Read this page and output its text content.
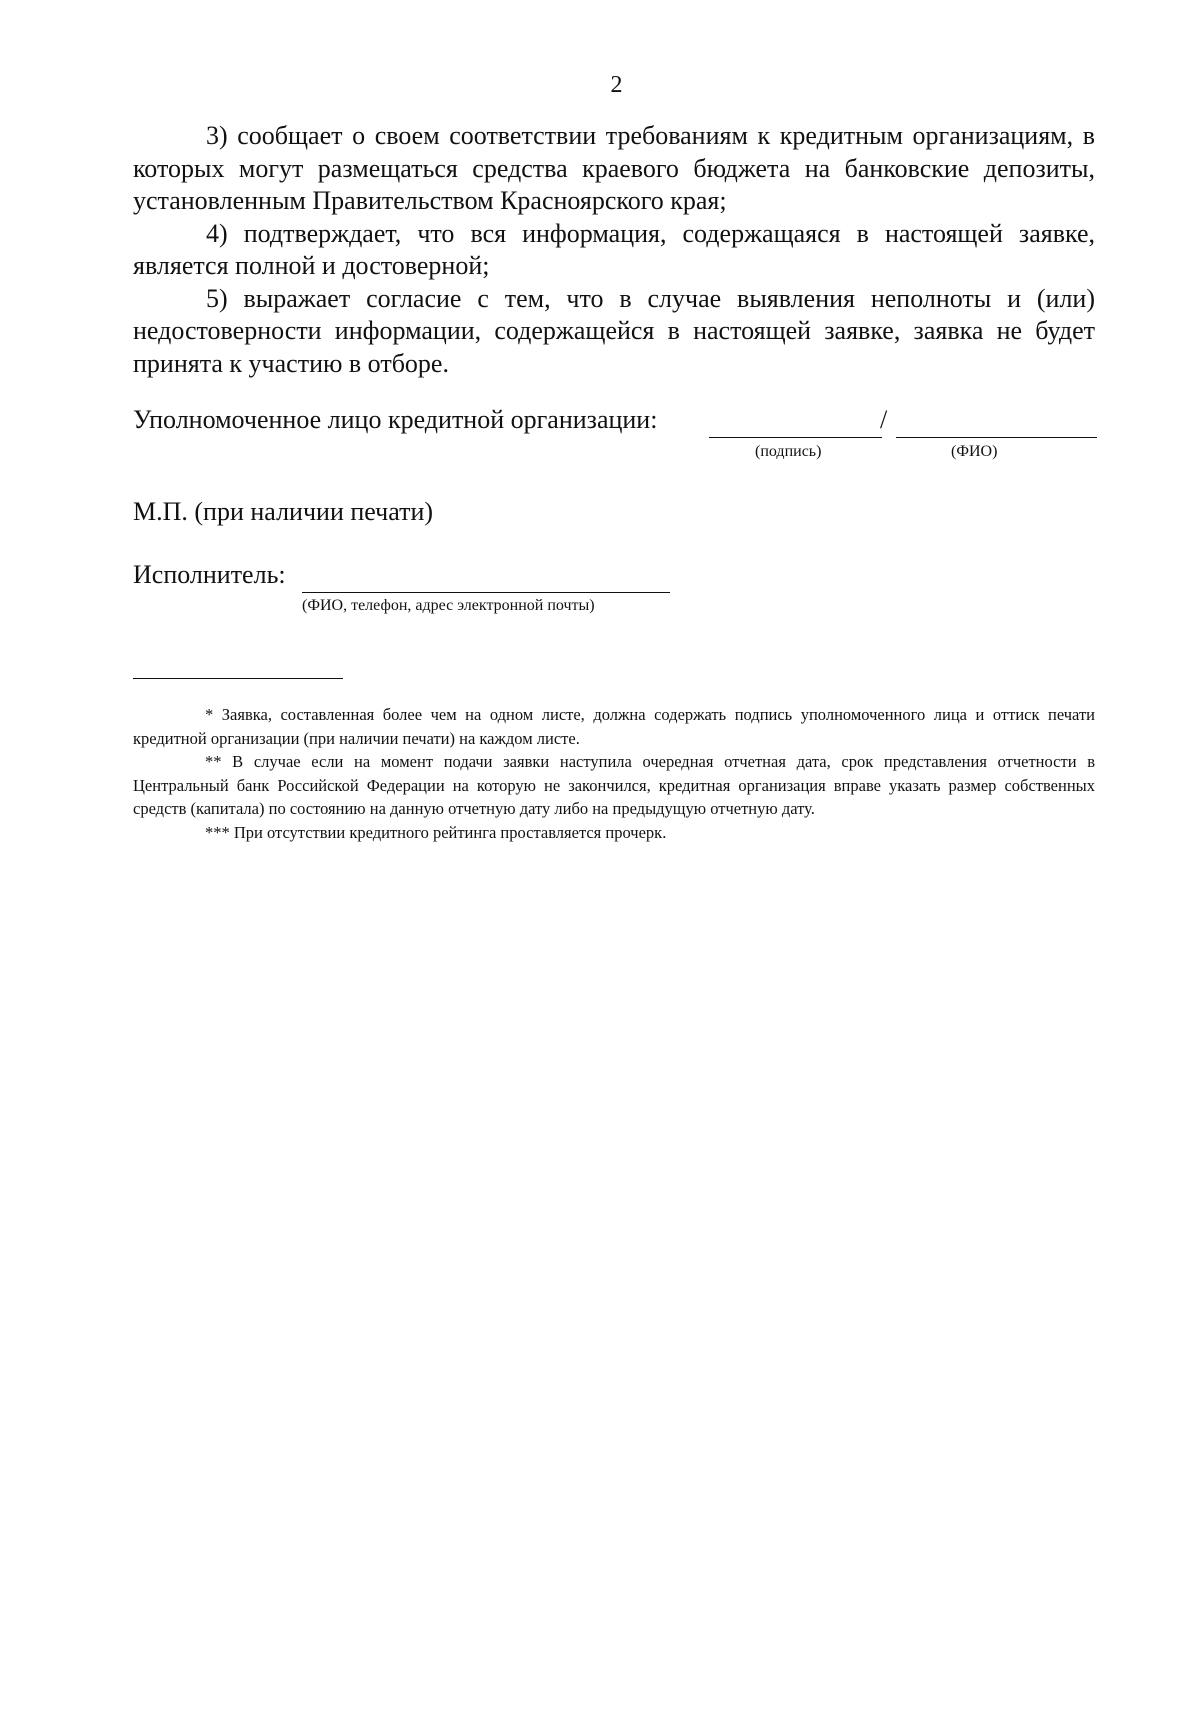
2

3) сообщает о своем соответствии требованиям к кредитным организациям, в которых могут размещаться средства краевого бюджета на банковские депозиты, установленным Правительством Красноярского края;

4) подтверждает, что вся информация, содержащаяся в настоящей заявке, является полной и достоверной;

5) выражает согласие с тем, что в случае выявления неполноты и (или) недостоверности информации, содержащейся в настоящей заявке, заявка не будет принята к участию в отборе.

Уполномоченное лицо кредитной организации:	/
(подпись)	(ФИО)
М.П. (при наличии печати)
Исполнитель:
(ФИО, телефон, адрес электронной почты)

* Заявка, составленная более чем на одном листе, должна содержать подпись уполномоченного лица и оттиск печати кредитной организации (при наличии печати) на каждом листе.

** В случае если на момент подачи заявки наступила очередная отчетная дата, срок представления отчетности в Центральный банк Российской Федерации на которую не закончился, кредитная организация вправе указать размер собственных средств (капитала) по состоянию на данную отчетную дату либо на предыдущую отчетную дату.

*** При отсутствии кредитного рейтинга проставляется прочерк.
